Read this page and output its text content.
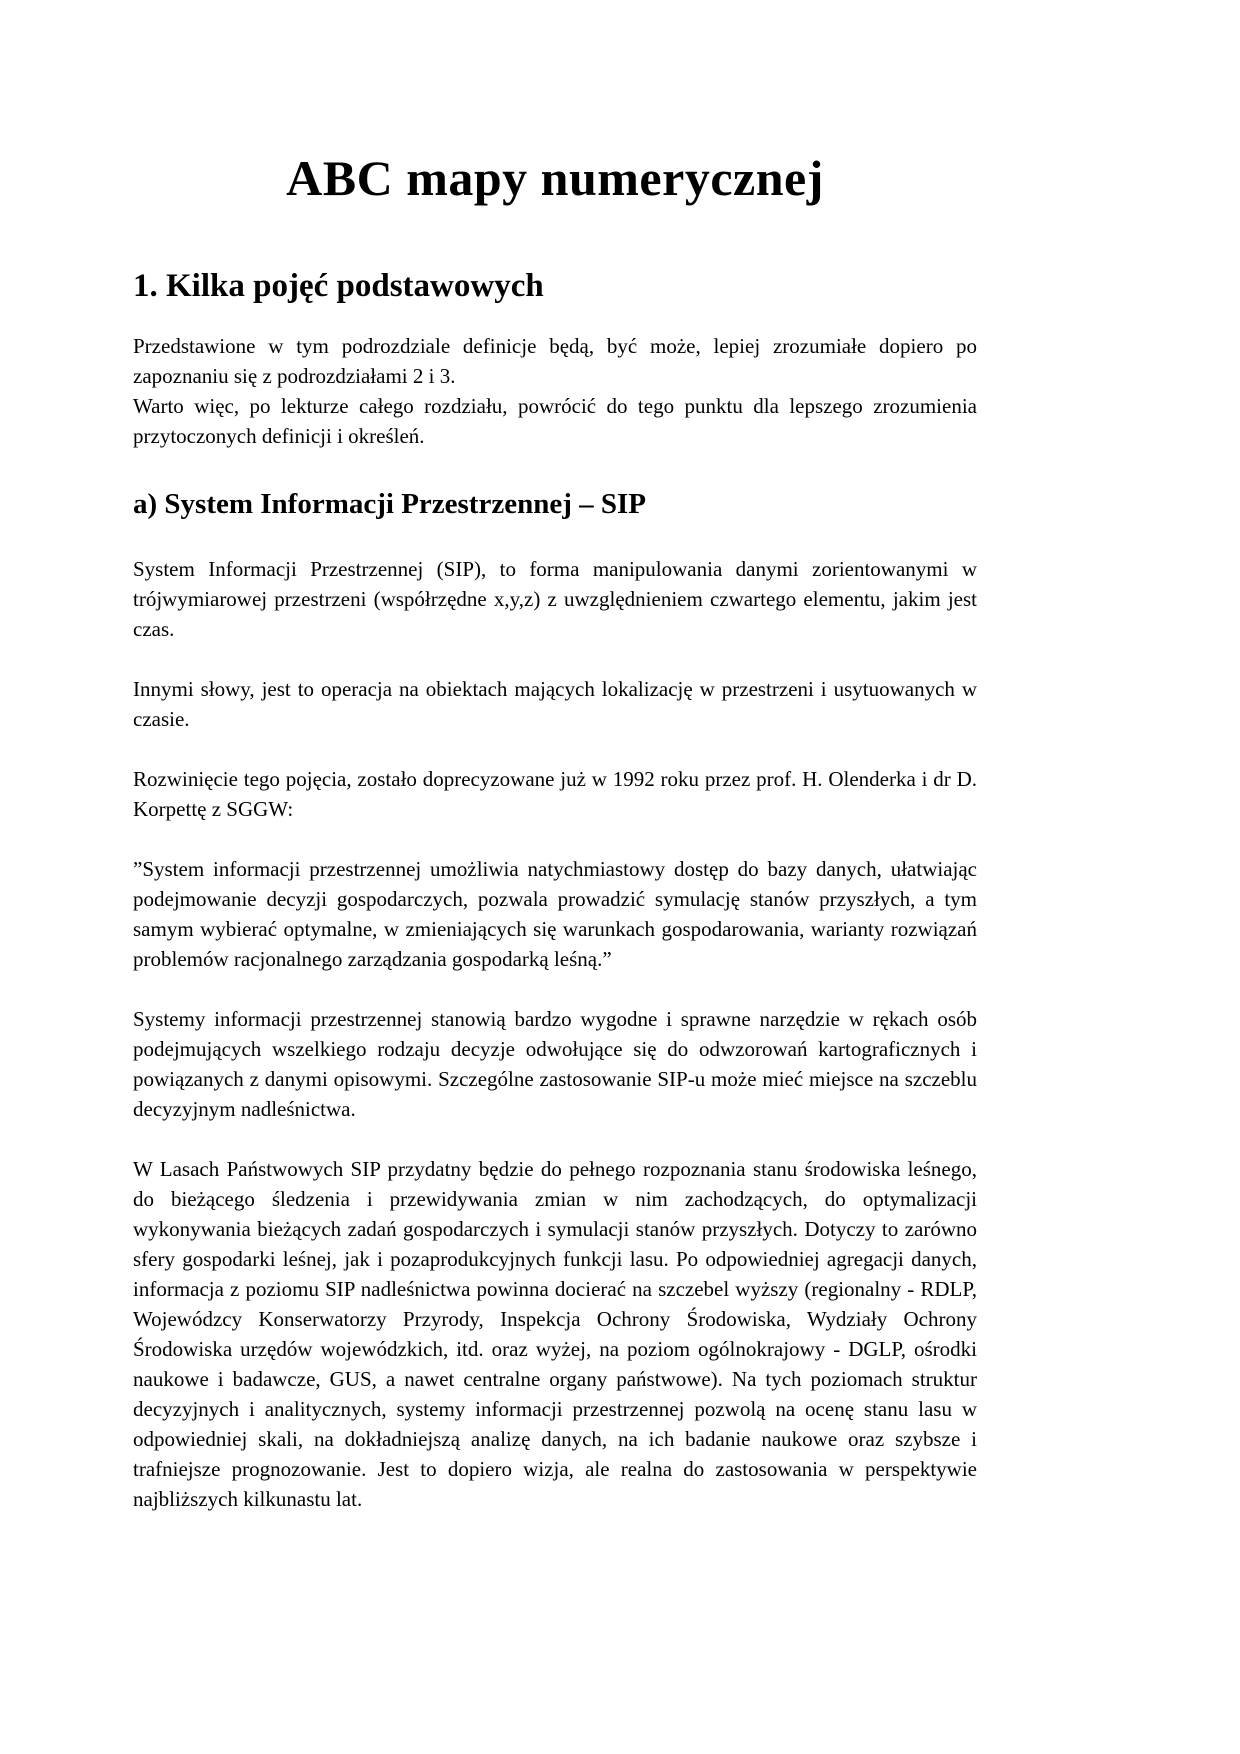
ABC mapy numerycznej
1. Kilka pojęć podstawowych

Przedstawione w tym podrozdziale definicje będą, być może, lepiej zrozumiałe dopiero po zapoznaniu się z podrozdziałami 2 i 3.

Warto więc, po lekturze całego rozdziału, powrócić do tego punktu dla lepszego zrozumienia przytoczonych definicji i określeń.

a) System Informacji Przestrzennej – SIP

System Informacji Przestrzennej (SIP), to forma manipulowania danymi zorientowanymi w trójwymiarowej przestrzeni (współrzędne x,y,z) z uwzględnieniem czwartego elementu, jakim jest czas.

Innymi słowy, jest to operacja na obiektach mających lokalizację w przestrzeni i usytuowanych w czasie.

Rozwinięcie tego pojęcia, zostało doprecyzowane już w 1992 roku przez prof. H. Olenderka i dr D. Korpettę z SGGW:

”System informacji przestrzennej umożliwia natychmiastowy dostęp do bazy danych, ułatwiając podejmowanie decyzji gospodarczych, pozwala prowadzić symulację stanów przyszłych, a tym samym wybierać optymalne, w zmieniających się warunkach gospodarowania, warianty rozwiązań problemów racjonalnego zarządzania gospodarką leśną.”

Systemy informacji przestrzennej stanowią bardzo wygodne i sprawne narzędzie w rękach osób podejmujących wszelkiego rodzaju decyzje odwołujące się do odwzorowań kartograficznych i powiązanych z danymi opisowymi. Szczególne zastosowanie SIP-u może mieć miejsce na szczeblu decyzyjnym nadleśnictwa.

W Lasach Państwowych SIP przydatny będzie do pełnego rozpoznania stanu środowiska leśnego, do bieżącego śledzenia i przewidywania zmian w nim zachodzących, do optymalizacji wykonywania bieżących zadań gospodarczych i symulacji stanów przyszłych. Dotyczy to zarówno sfery gospodarki leśnej, jak i pozaprodukcyjnych funkcji lasu. Po odpowiedniej agregacji danych, informacja z poziomu SIP nadleśnictwa powinna docierać na szczebel wyższy (regionalny - RDLP, Wojewódzcy Konserwatorzy Przyrody, Inspekcja Ochrony Środowiska, Wydziały Ochrony Środowiska urzędów wojewódzkich, itd. oraz wyżej, na poziom ogólnokrajowy - DGLP, ośrodki naukowe i badawcze, GUS, a nawet centralne organy państwowe). Na tych poziomach struktur decyzyjnych i analitycznych, systemy informacji przestrzennej pozwolą na ocenę stanu lasu w odpowiedniej skali, na dokładniejszą analizę danych, na ich badanie naukowe oraz szybsze i trafniejsze prognozowanie. Jest to dopiero wizja, ale realna do zastosowania w perspektywie najbliższych kilkunastu lat.
